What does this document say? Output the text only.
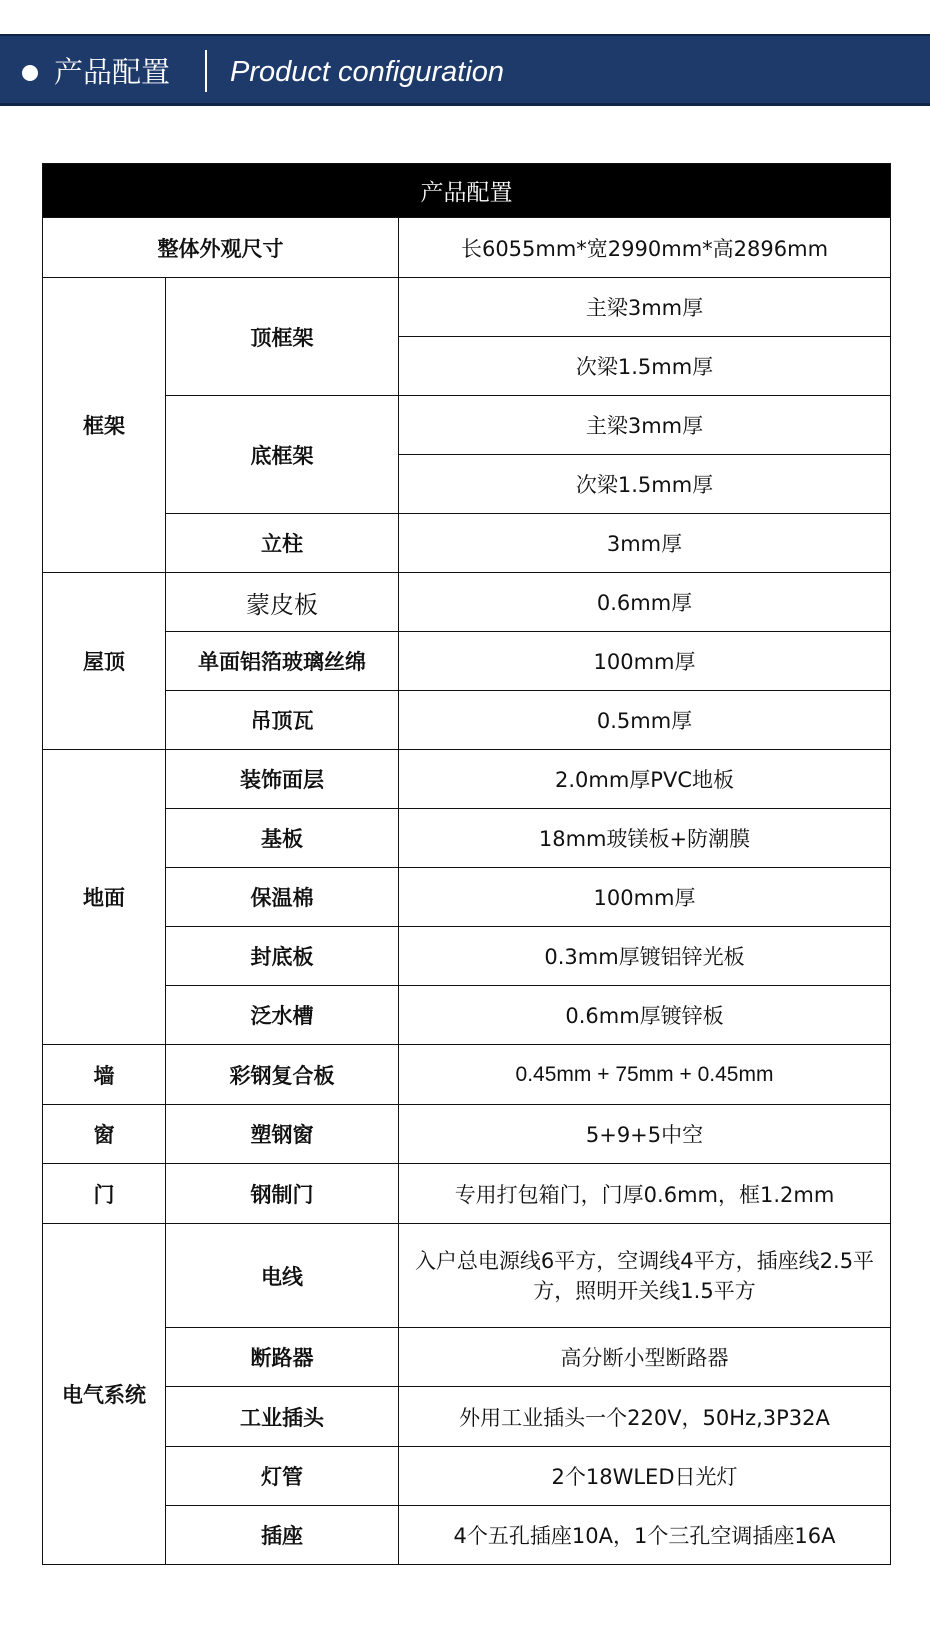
产品配置 Product configuration
产品配置		
整体外观尺寸		长6055mm*宽2990mm*高2896mm
框架	顶框架	主梁3mm厚
		次梁1.5mm厚
	底框架	主梁3mm厚
		次梁1.5mm厚
	立柱	3mm厚
屋顶	蒙皮板	0.6mm厚
	单面铝箔玻璃丝绵	100mm厚
	吊顶瓦	0.5mm厚
地面	装饰面层	2.0mm厚PVC地板
	基板	18mm玻镁板+防潮膜
	保温棉	100mm厚
	封底板	0.3mm厚镀铝锌光板
	泛水槽	0.6mm厚镀锌板
墙	彩钢复合板	0.45mm + 75mm + 0.45mm
窗	塑钢窗	5+9+5中空
门	钢制门	专用打包箱门，门厚0.6mm，框1.2mm
电气系统	电线	入户总电源线6平方，空调线4平方，插座线2.5平方，照明开关线1.5平方
	断路器	高分断小型断路器
	工业插头	外用工业插头一个220V，50Hz,3P32A
	灯管	2个18WLED日光灯
	插座	4个五孔插座10A，1个三孔空调插座16A
